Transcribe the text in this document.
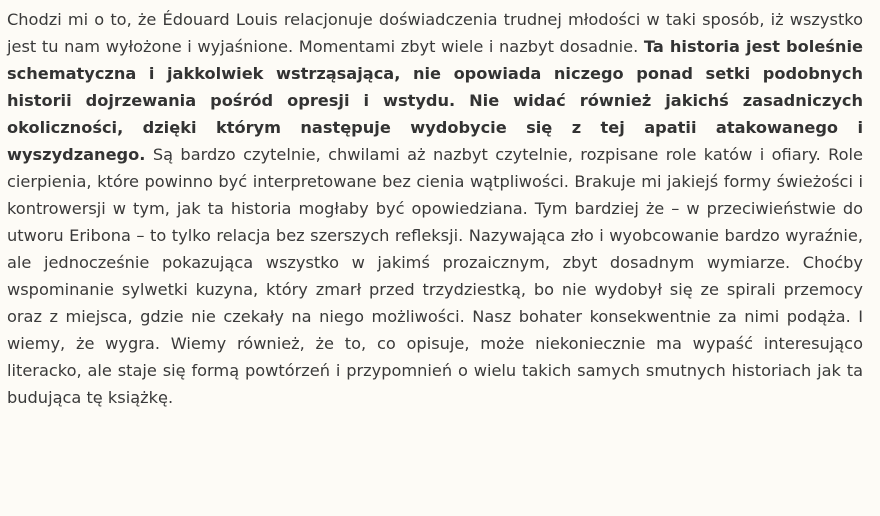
Chodzi mi o to, że Édouard Louis relacjonuje doświadczenia trudnej młodości w taki sposób, iż wszystko jest tu nam wyłożone i wyjaśnione. Momentami zbyt wiele i nazbyt dosadnie. Ta historia jest boleśnie schematyczna i jakkolwiek wstrząsająca, nie opowiada niczego ponad setki podobnych historii dojrzewania pośród opresji i wstydu. Nie widać również jakichś zasadniczych okoliczności, dzięki którym następuje wydobycie się z tej apatii atakowanego i wyszydzanego. Są bardzo czytelnie, chwilami aż nazbyt czytelnie, rozpisane role katów i ofiary. Role cierpienia, które powinno być interpretowane bez cienia wątpliwości. Brakuje mi jakiejś formy świeżości i kontrowersji w tym, jak ta historia mogłaby być opowiedziana. Tym bardziej że – w przeciwieństwie do utworu Eribona – to tylko relacja bez szerszych refleksji. Nazywająca zło i wyobcowanie bardzo wyraźnie, ale jednocześnie pokazująca wszystko w jakimś prozaicznym, zbyt dosadnym wymiarze. Choćby wspominanie sylwetki kuzyna, który zmarł przed trzydziestką, bo nie wydobył się ze spirali przemocy oraz z miejsca, gdzie nie czekały na niego możliwości. Nasz bohater konsekwentnie za nimi podąża. I wiemy, że wygra. Wiemy również, że to, co opisuje, może niekoniecznie ma wypaść interesująco literacko, ale staje się formą powtórzeń i przypomnień o wielu takich samych smutnych historiach jak ta budująca tę książkę.
